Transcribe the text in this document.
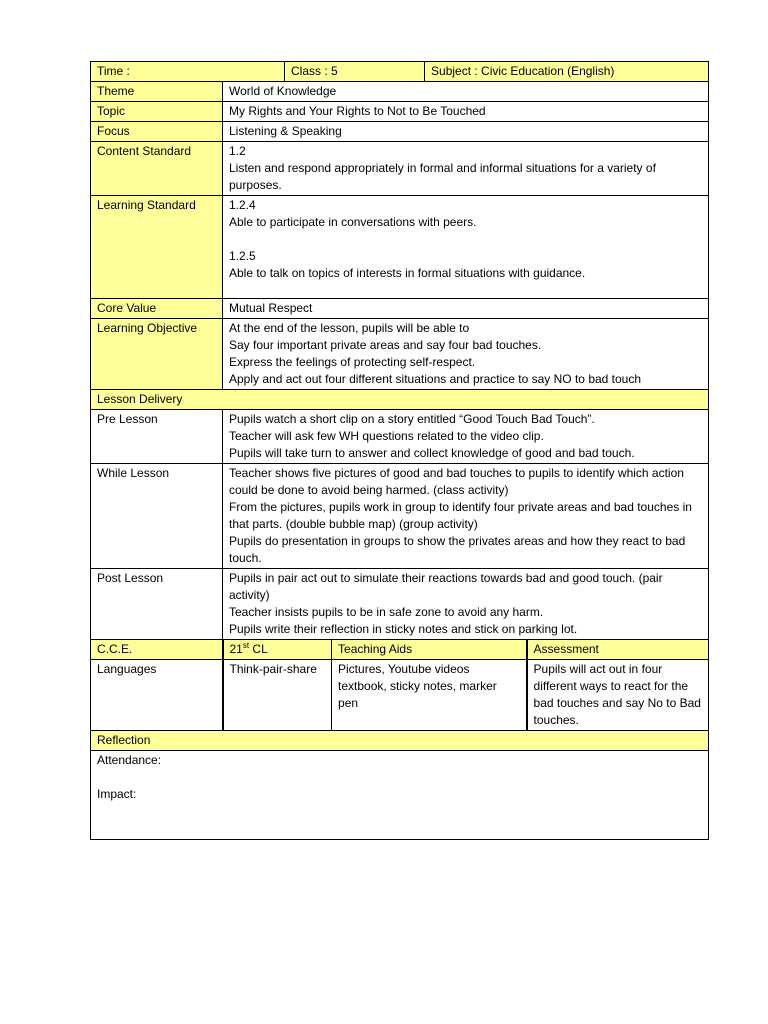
Time :		Class : 5		Subject : Civic Education (English)	
Theme	World of Knowledge				
Topic	My Rights and Your Rights to Not to Be Touched				
Focus	Listening & Speaking				
Content Standard	1.2
Listen and respond appropriately in formal and informal situations for a variety of purposes.				
Learning Standard	1.2.4
Able to participate in conversations with peers.

1.2.5
Able to talk on topics of interests in formal situations with guidance.				
Core Value	Mutual Respect				
Learning Objective	At the end of the lesson, pupils will be able to
Say four important private areas and say four bad touches.
Express the feelings of protecting self-respect.
Apply and act out four different situations and practice to say NO to bad touch				
Lesson Delivery					
Pre Lesson	Pupils watch a short clip on a story entitled “Good Touch Bad Touch”.
Teacher will ask few WH questions related to the video clip.
Pupils will take turn to answer and collect knowledge of good and bad touch.				
While Lesson	Teacher shows five pictures of good and bad touches to pupils to identify which action could be done to avoid being harmed. (class activity)
From the pictures, pupils work in group to identify four private areas and bad touches in that parts. (double bubble map) (group activity)
Pupils do presentation in groups to show the privates areas and how they react to bad touch.				
Post Lesson	Pupils in pair act out to simulate their reactions towards bad and good touch. (pair activity)
Teacher insists pupils to be in safe zone to avoid any harm.
Pupils write their reflection in sticky notes and stick on parking lot.				
C.C.E.	21st CL		Teaching Aids		Assessment
Languages	Think-pair-share		Pictures, Youtube videos textbook, sticky notes, marker pen		Pupils will act out in four different ways to react for the bad touches and say No to Bad touches.
Reflection					

Attendance:
Impact:					
